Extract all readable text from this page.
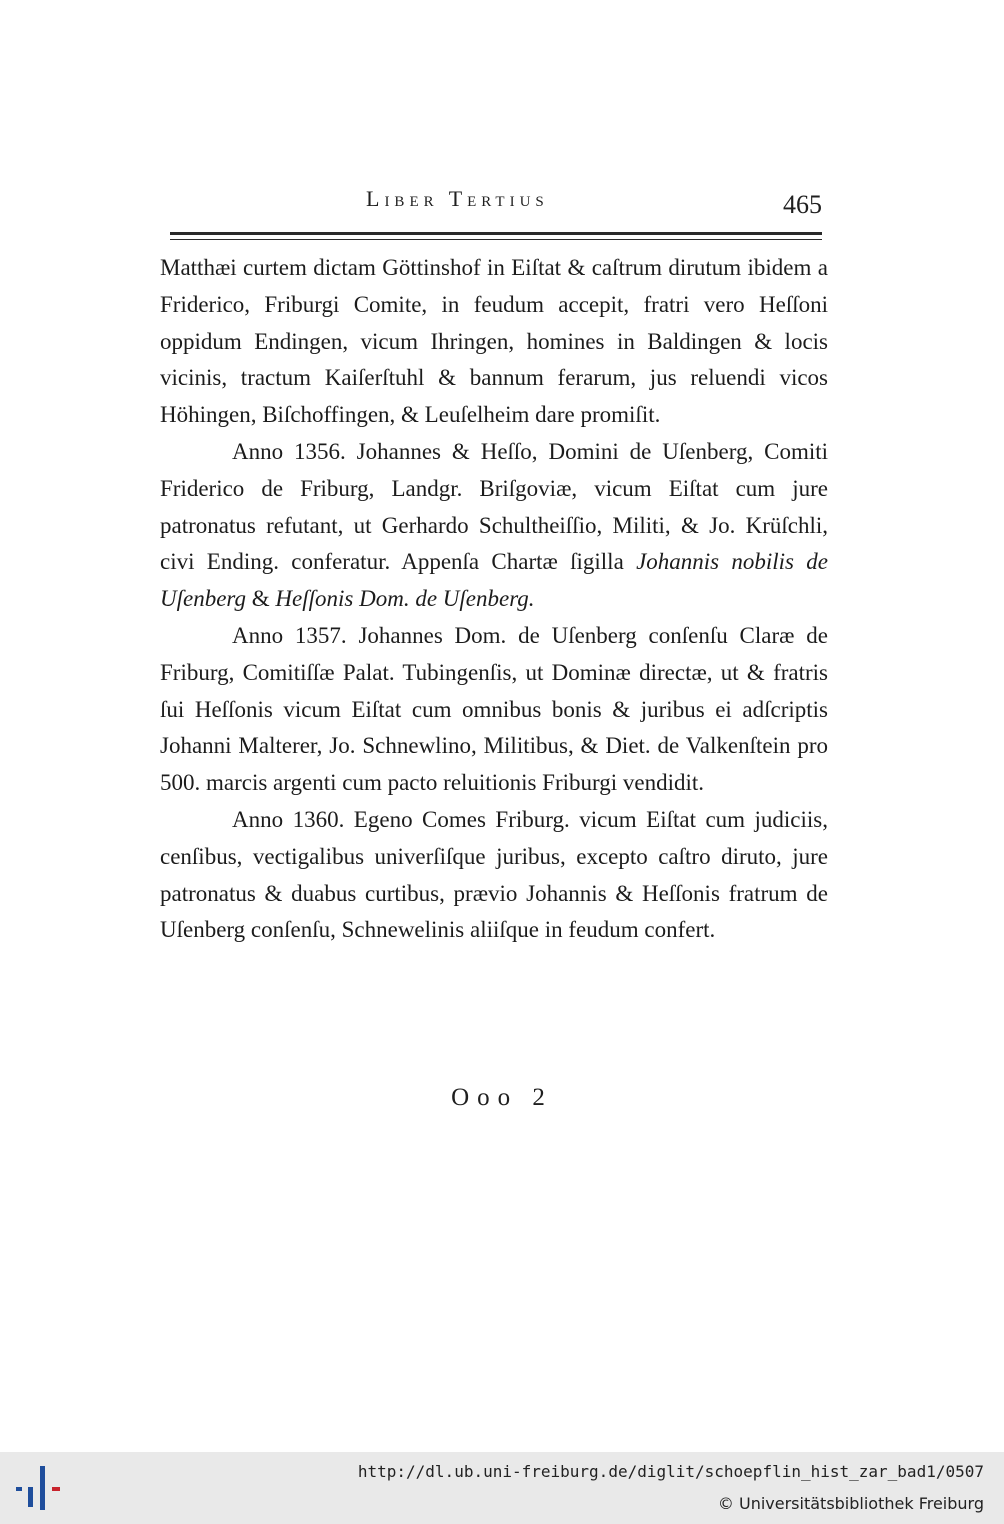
Liber Tertius	465

Matthæi curtem dictam Göttinshof in Eiſtat & caſtrum dirutum ibidem a Friderico, Friburgi Comite, in feudum accepit, fratri vero Heſſoni oppidum Endingen, vicum Ihringen, homines in Baldingen & locis vicinis, tractum Kaiſerſtuhl & bannum ferarum, jus reluendi vicos Höhingen, Biſchoffingen, & Leuſelheim dare promiſit.

Anno 1356. Johannes & Heſſo, Domini de Uſenberg, Comiti Friderico de Friburg, Landgr. Briſgoviæ, vicum Eiſtat cum jure patronatus refutant, ut Gerhardo Schultheiſſio, Militi, & Jo. Krüſchli, civi Ending. conferatur. Appenſa Chartæ ſigilla Johannis nobilis de Uſenberg & Heſſonis Dom. de Uſenberg.

Anno 1357. Johannes Dom. de Uſenberg conſenſu Claræ de Friburg, Comitiſſæ Palat. Tubingenſis, ut Dominæ directæ, ut & fratris ſui Heſſonis vicum Eiſtat cum omnibus bonis & juribus ei adſcriptis Johanni Malterer, Jo. Schnewlino, Militibus, & Diet. de Valkenſtein pro 500. marcis argenti cum pacto reluitionis Friburgi vendidit.

Anno 1360. Egeno Comes Friburg. vicum Eiſtat cum judiciis, cenſibus, vectigalibus univerſiſque juribus, excepto caſtro diruto, jure patronatus & duabus curtibus, prævio Johannis & Heſſonis fratrum de Uſenberg conſenſu, Schnewelinis aliiſque in feudum confert.

Ooo 2
http://dl.ub.uni-freiburg.de/diglit/schoepflin_hist_zar_bad1/0507
© Universitätsbibliothek Freiburg
